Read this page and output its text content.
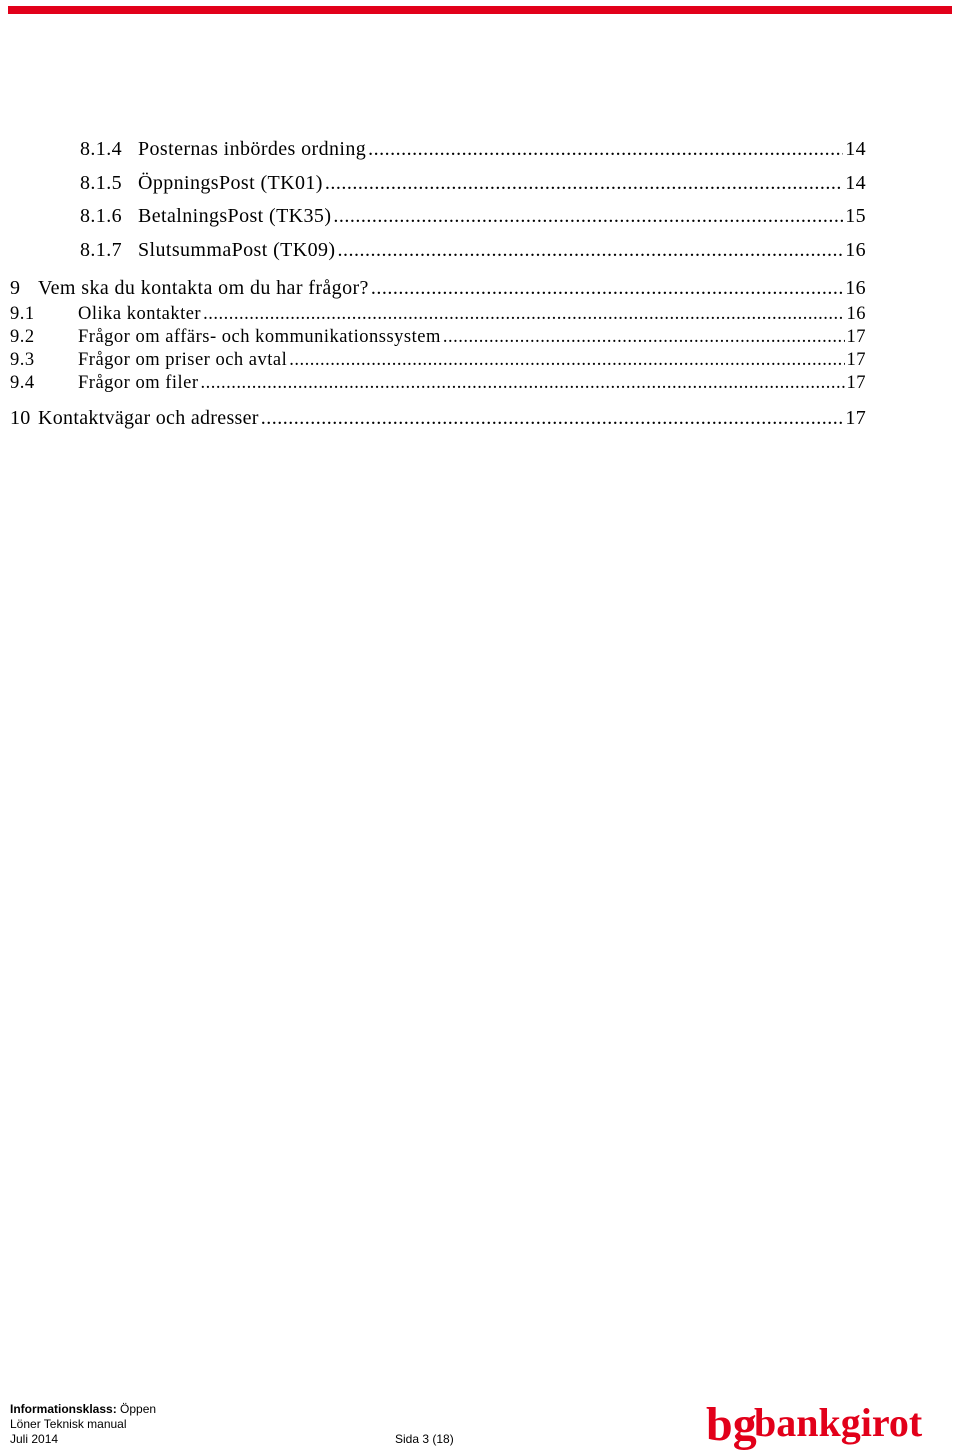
8.1.4 Posternas inbördes ordning .....	14
8.1.5 ÖppningsPost (TK01) .....	14
8.1.6 BetalningsPost (TK35) .....	15
8.1.7 SlutsummaPost (TK09) .....	16
9 Vem ska du kontakta om du har frågor? .....	16
9.1	Olika kontakter .....	16
9.2	Frågor om affärs- och kommunikationssystem .....	17
9.3	Frågor om priser och avtal .....	17
9.4	Frågor om filer .....	17
10 Kontaktvägar och adresser .....	17
Informationsklass: Öppen
Löner Teknisk manual
Juli 2014	Sida 3 (18)	bg
bankgirot
